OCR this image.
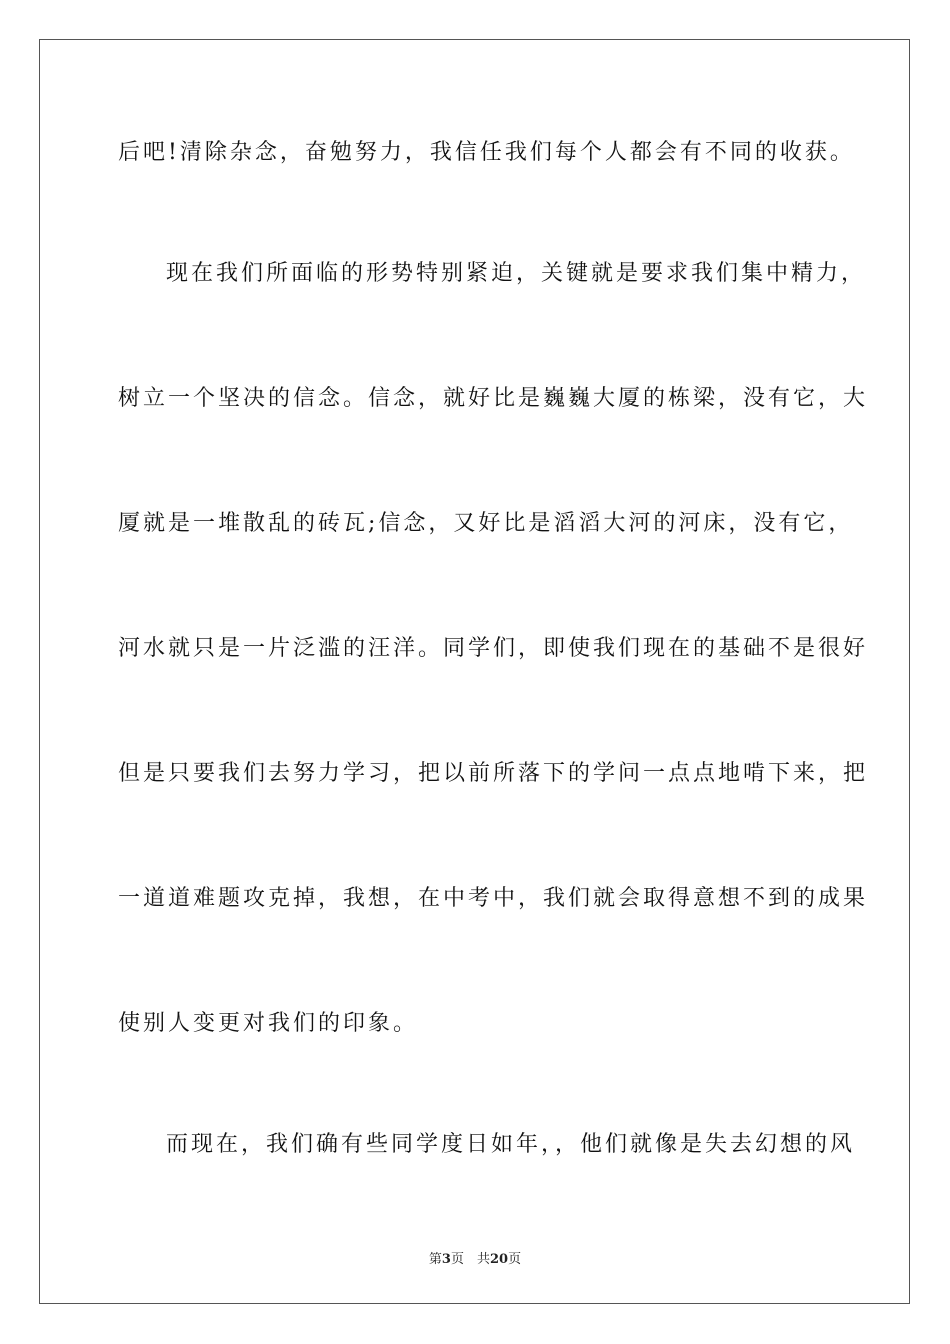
后吧!清除杂念，奋勉努力，我信任我们每个人都会有不同的收获。
现在我们所面临的形势特别紧迫，关键就是要求我们集中精力，
树立一个坚决的信念。信念，就好比是巍巍大厦的栋梁，没有它，大
厦就是一堆散乱的砖瓦;信念，又好比是滔滔大河的河床，没有它，
河水就只是一片泛滥的汪洋。同学们，即使我们现在的基础不是很好
但是只要我们去努力学习，把以前所落下的学问一点点地啃下来，把
一道道难题攻克掉，我想，在中考中，我们就会取得意想不到的成果
使别人变更对我们的印象。
而现在，我们确有些同学度日如年，，他们就像是失去幻想的风
第3页　共20页
